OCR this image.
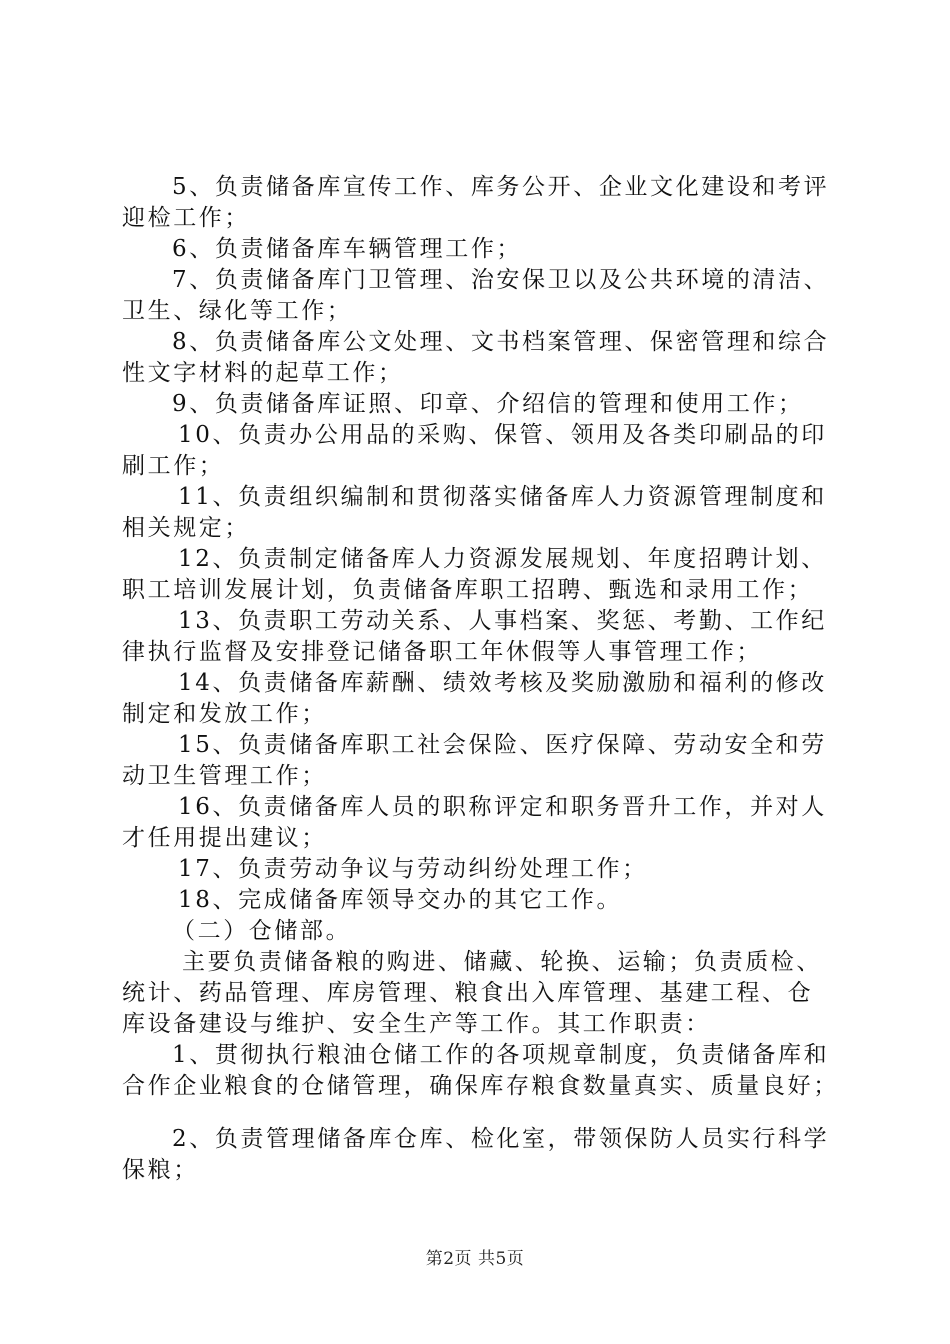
5、负责储备库宣传工作、库务公开、企业文化建设和考评
迎检工作；
6、负责储备库车辆管理工作；
7、负责储备库门卫管理、治安保卫以及公共环境的清洁、
卫生、绿化等工作；
8、负责储备库公文处理、文书档案管理、保密管理和综合
性文字材料的起草工作；
9、负责储备库证照、印章、介绍信的管理和使用工作；
10、负责办公用品的采购、保管、领用及各类印刷品的印
刷工作；
11、负责组织编制和贯彻落实储备库人力资源管理制度和
相关规定；
12、负责制定储备库人力资源发展规划、年度招聘计划、
职工培训发展计划，负责储备库职工招聘、甄选和录用工作；
13、负责职工劳动关系、人事档案、奖惩、考勤、工作纪
律执行监督及安排登记储备职工年休假等人事管理工作；
14、负责储备库薪酬、绩效考核及奖励激励和福利的修改
制定和发放工作；
15、负责储备库职工社会保险、医疗保障、劳动安全和劳
动卫生管理工作；
16、负责储备库人员的职称评定和职务晋升工作，并对人
才任用提出建议；
17、负责劳动争议与劳动纠纷处理工作；
18、完成储备库领导交办的其它工作。
（二）仓储部。
主要负责储备粮的购进、储藏、轮换、运输；负责质检、
统计、药品管理、库房管理、粮食出入库管理、基建工程、仓
库设备建设与维护、安全生产等工作。其工作职责：
1、贯彻执行粮油仓储工作的各项规章制度，负责储备库和
合作企业粮食的仓储管理，确保库存粮食数量真实、质量良好；
2、负责管理储备库仓库、检化室，带领保防人员实行科学
保粮；
第2页 共5页
